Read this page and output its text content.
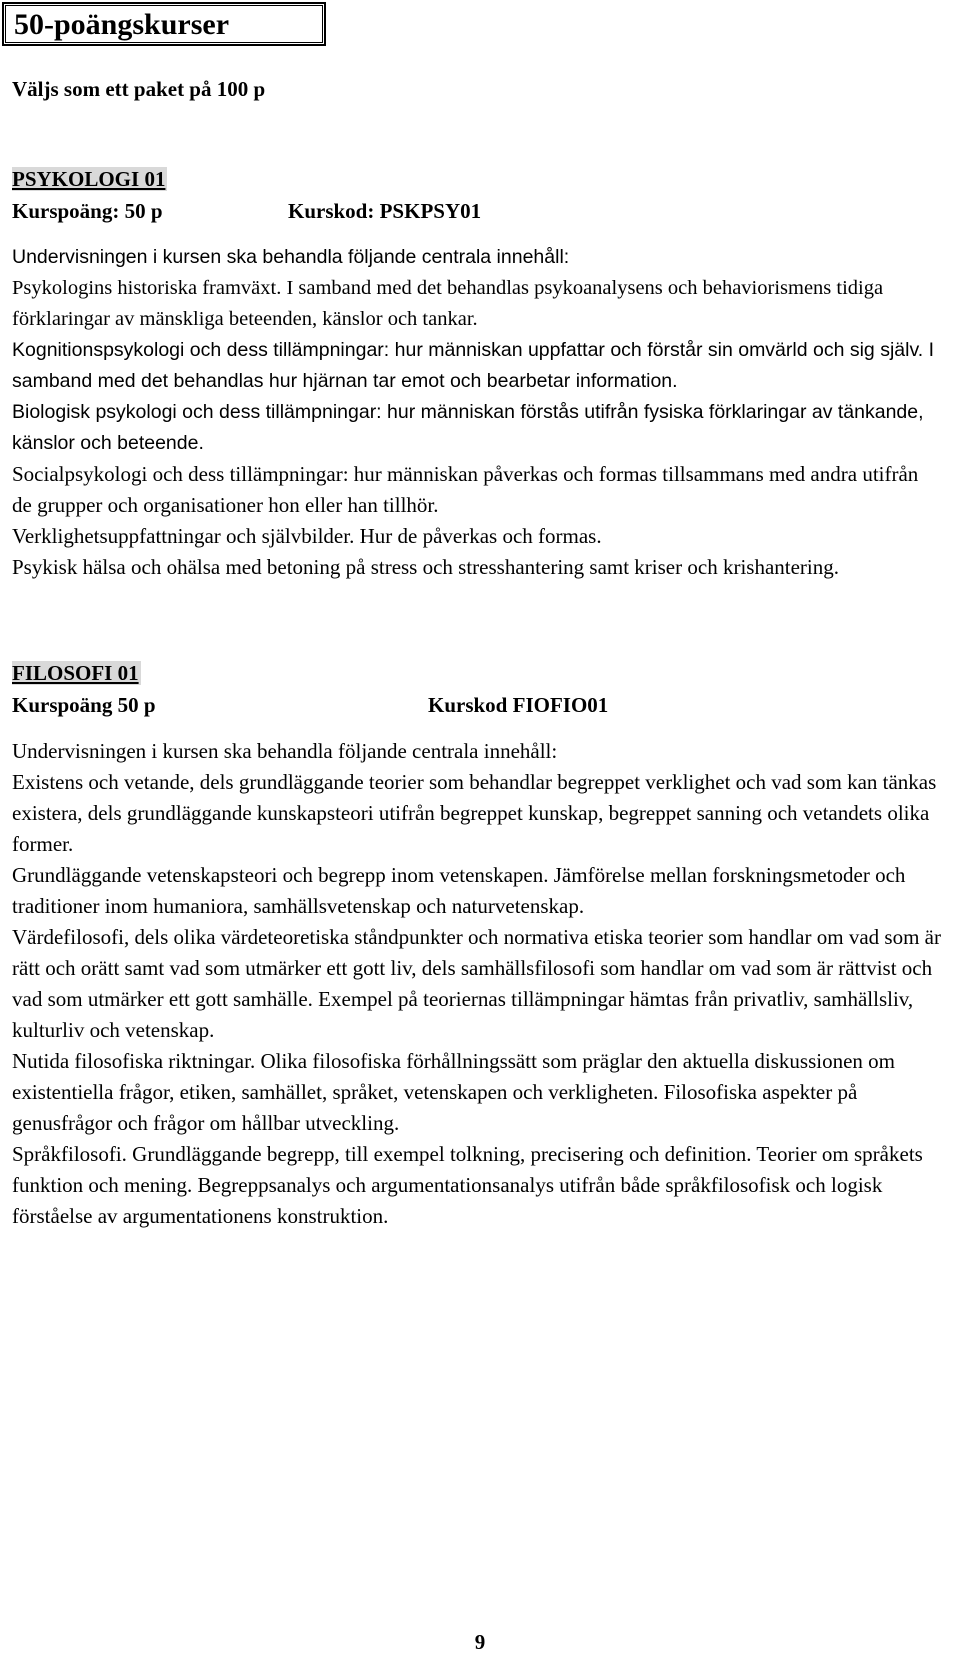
50-poängskurser
Väljs som ett paket på 100 p
PSYKOLOGI 01
Kurspoäng: 50 p	Kurskod: PSKPSY01

Undervisningen i kursen ska behandla följande centrala innehåll:

Psykologins historiska framväxt. I samband med det behandlas psykoanalysens och behaviorismens tidiga förklaringar av mänskliga beteenden, känslor och tankar.

Kognitionspsykologi och dess tillämpningar: hur människan uppfattar och förstår sin omvärld och sig själv. I samband med det behandlas hur hjärnan tar emot och bearbetar information.

Biologisk psykologi och dess tillämpningar: hur människan förstås utifrån fysiska förklaringar av tänkande, känslor och beteende.

Socialpsykologi och dess tillämpningar: hur människan påverkas och formas tillsammans med andra utifrån de grupper och organisationer hon eller han tillhör.

Verklighetsuppfattningar och självbilder. Hur de påverkas och formas.

Psykisk hälsa och ohälsa med betoning på stress och stresshantering samt kriser och krishantering.

FILOSOFI 01
Kurspoäng 50 p	Kurskod FIOFIO01

Undervisningen i kursen ska behandla följande centrala innehåll:

Existens och vetande, dels grundläggande teorier som behandlar begreppet verklighet och vad som kan tänkas existera, dels grundläggande kunskapsteori utifrån begreppet kunskap, begreppet sanning och vetandets olika former.

Grundläggande vetenskapsteori och begrepp inom vetenskapen. Jämförelse mellan forskningsmetoder och traditioner inom humaniora, samhällsvetenskap och naturvetenskap.

Värdefilosofi, dels olika värdeteoretiska ståndpunkter och normativa etiska teorier som handlar om vad som är rätt och orätt samt vad som utmärker ett gott liv, dels samhällsfilosofi som handlar om vad som är rättvist och vad som utmärker ett gott samhälle. Exempel på teoriernas tillämpningar hämtas från privatliv, samhällsliv, kulturliv och vetenskap.

Nutida filosofiska riktningar. Olika filosofiska förhållningssätt som präglar den aktuella diskussionen om existentiella frågor, etiken, samhället, språket, vetenskapen och verkligheten. Filosofiska aspekter på genusfrågor och frågor om hållbar utveckling.

Språkfilosofi. Grundläggande begrepp, till exempel tolkning, precisering och definition. Teorier om språkets funktion och mening. Begreppsanalys och argumentationsanalys utifrån både språkfilosofisk och logisk förståelse av argumentationens konstruktion.

9
